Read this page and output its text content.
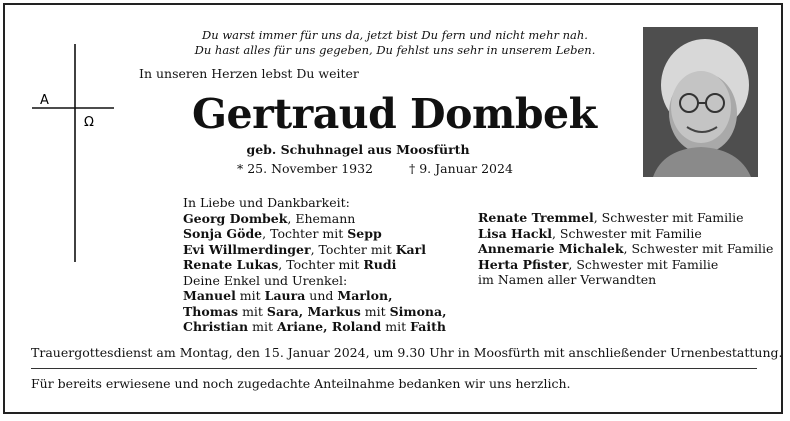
Du warst immer für uns da, jetzt bist Du fern und nicht mehr nah.
Du hast alles für uns gegeben, Du fehlst uns sehr in unserem Leben.
A
Ω
In unseren Herzen lebst Du weiter
Gertraud Dombek
geb. Schuhnagel aus Moosfürth
* 25. November 1932	† 9. Januar 2024
In Liebe und Dankbarkeit:
Georg Dombek, Ehemann
Sonja Göde, Tochter mit Sepp
Evi Willmerdinger, Tochter mit Karl
Renate Lukas, Tochter mit Rudi
Deine Enkel und Urenkel:
Manuel mit Laura und Marlon,
Thomas mit Sara, Markus mit Simona,
Christian mit Ariane, Roland mit Faith
Renate Tremmel, Schwester mit Familie
Lisa Hackl, Schwester mit Familie
Annemarie Michalek, Schwester mit Familie
Herta Pfister, Schwester mit Familie
im Namen aller Verwandten
Trauergottesdienst am Montag, den 15. Januar 2024, um 9.30 Uhr in Moosfürth mit anschließender Urnenbestattung.
Für bereits erwiesene und noch zugedachte Anteilnahme bedanken wir uns herzlich.
